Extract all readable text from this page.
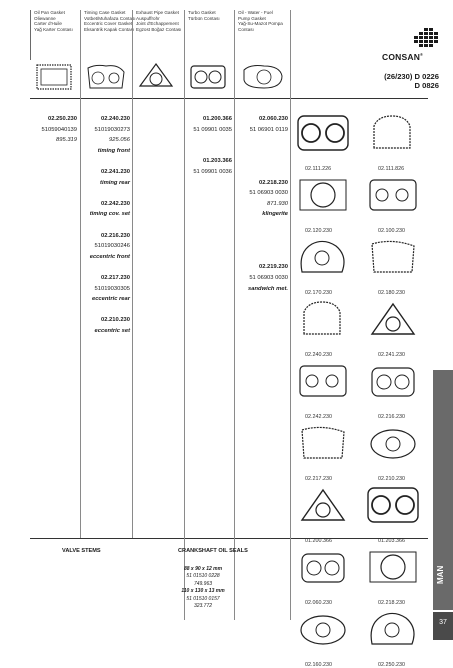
Oil Pan Gasket
Oliewanne
Carter d'Huile
Yağ Karter Contası
Timing Case Gasket
Votbet/Muhafaza Contası
Eccentric Cover Gasket
Eksantrik Kapak Contası
Exhaust Pipe Gasket
Auspuffrohr
Joint d'Echappement
Egzost Boğaz Contası
Turbo Gasket
Türbün Contası
Oil - Water - Fuel
Pump Gasket
Yağ-Su-Mazot Pompa
Contası
CONSAN®
(26/230) D 0226
D 0826
02.250.230
51059040139
895.319
02.240.230
51019030273
925.056
timing front
02.241.230
timing rear
02.242.230
timing cov. set
02.216.230
51019030246
eccentric front
02.217.230
51019030305
eccentric rear
02.210.230
eccentric set
01.200.366
51 09901 0035
01.203.366
51 09901 0036
02.060.230
51 06901 0119
02.218.230
51 06903 0030
871.930
klingerite
02.219.230
51 06903 0030
sandwich met.
02.111.226	02.111.826
02.120.230	02.100.230
02.170.230	02.180.230
02.240.230	02.241.230
02.242.230	02.216.230
02.217.230	02.210.230
01.200.366	01.203.366
02.060.230	02.218.230
02.160.230	02.250.230
VALVE STEMS	CRANKSHAFT OIL SEALS
88 x 90 x 12 mm
51 01510 0228
749.963
110 x 130 x 13 mm
51 01510 0157
323.772
MAN
37
